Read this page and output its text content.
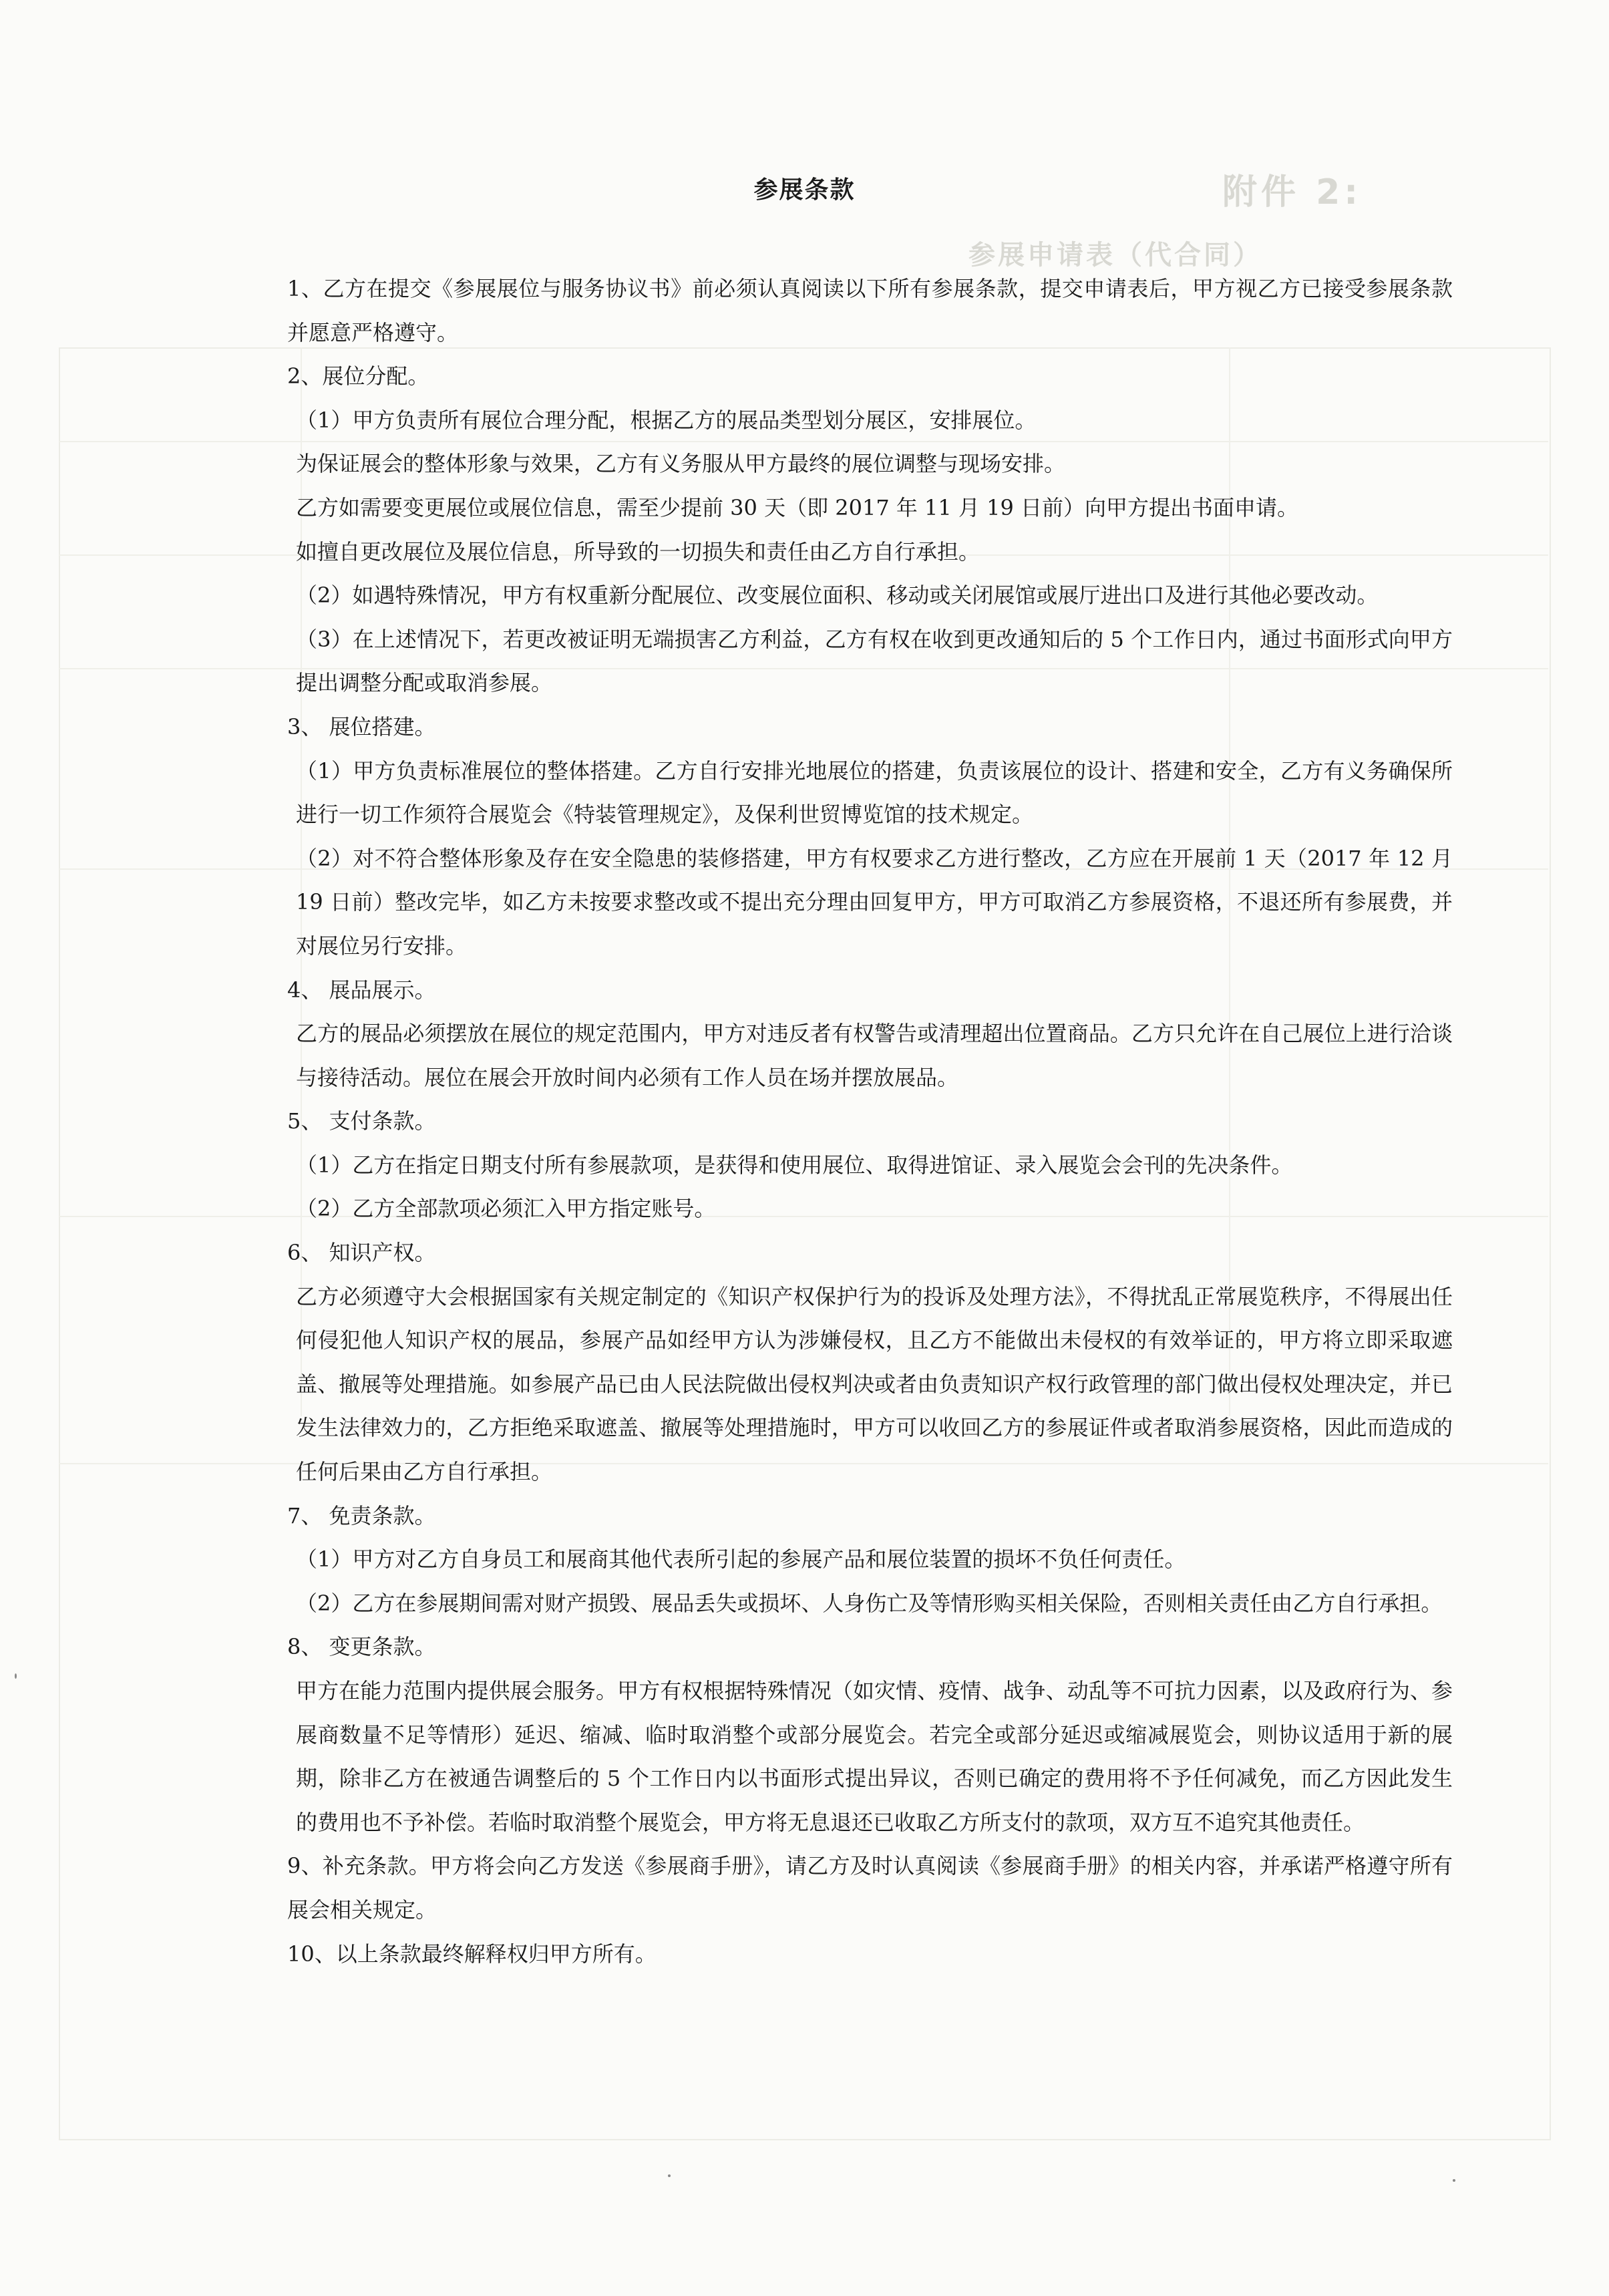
附件 2:
参展申请表（代合同）
参展条款

1、乙方在提交《参展展位与服务协议书》前必须认真阅读以下所有参展条款，提交申请表后，甲方视乙方已接受参展条款并愿意严格遵守。

2、展位分配。

（1）甲方负责所有展位合理分配，根据乙方的展品类型划分展区，安排展位。

为保证展会的整体形象与效果，乙方有义务服从甲方最终的展位调整与现场安排。

乙方如需要变更展位或展位信息，需至少提前 30 天（即 2017 年 11 月 19 日前）向甲方提出书面申请。

如擅自更改展位及展位信息，所导致的一切损失和责任由乙方自行承担。

（2）如遇特殊情况，甲方有权重新分配展位、改变展位面积、移动或关闭展馆或展厅进出口及进行其他必要改动。

（3）在上述情况下，若更改被证明无端损害乙方利益，乙方有权在收到更改通知后的 5 个工作日内，通过书面形式向甲方提出调整分配或取消参展。

3、 展位搭建。

（1）甲方负责标准展位的整体搭建。乙方自行安排光地展位的搭建，负责该展位的设计、搭建和安全，乙方有义务确保所进行一切工作须符合展览会《特装管理规定》，及保利世贸博览馆的技术规定。

（2）对不符合整体形象及存在安全隐患的装修搭建，甲方有权要求乙方进行整改，乙方应在开展前 1 天（2017 年 12 月 19 日前）整改完毕，如乙方未按要求整改或不提出充分理由回复甲方，甲方可取消乙方参展资格，不退还所有参展费，并对展位另行安排。

4、 展品展示。

乙方的展品必须摆放在展位的规定范围内，甲方对违反者有权警告或清理超出位置商品。乙方只允许在自己展位上进行洽谈与接待活动。展位在展会开放时间内必须有工作人员在场并摆放展品。

5、 支付条款。

（1）乙方在指定日期支付所有参展款项，是获得和使用展位、取得进馆证、录入展览会会刊的先决条件。

（2）乙方全部款项必须汇入甲方指定账号。

6、 知识产权。

乙方必须遵守大会根据国家有关规定制定的《知识产权保护行为的投诉及处理方法》，不得扰乱正常展览秩序，不得展出任何侵犯他人知识产权的展品，参展产品如经甲方认为涉嫌侵权，且乙方不能做出未侵权的有效举证的，甲方将立即采取遮盖、撤展等处理措施。如参展产品已由人民法院做出侵权判决或者由负责知识产权行政管理的部门做出侵权处理决定，并已发生法律效力的，乙方拒绝采取遮盖、撤展等处理措施时，甲方可以收回乙方的参展证件或者取消参展资格，因此而造成的任何后果由乙方自行承担。

7、 免责条款。

（1）甲方对乙方自身员工和展商其他代表所引起的参展产品和展位装置的损坏不负任何责任。

（2）乙方在参展期间需对财产损毁、展品丢失或损坏、人身伤亡及等情形购买相关保险，否则相关责任由乙方自行承担。

8、 变更条款。

甲方在能力范围内提供展会服务。甲方有权根据特殊情况（如灾情、疫情、战争、动乱等不可抗力因素，以及政府行为、参展商数量不足等情形）延迟、缩减、临时取消整个或部分展览会。若完全或部分延迟或缩减展览会，则协议适用于新的展期，除非乙方在被通告调整后的 5 个工作日内以书面形式提出异议，否则已确定的费用将不予任何减免，而乙方因此发生的费用也不予补偿。若临时取消整个展览会，甲方将无息退还已收取乙方所支付的款项，双方互不追究其他责任。

9、补充条款。甲方将会向乙方发送《参展商手册》，请乙方及时认真阅读《参展商手册》的相关内容，并承诺严格遵守所有展会相关规定。

10、以上条款最终解释权归甲方所有。
